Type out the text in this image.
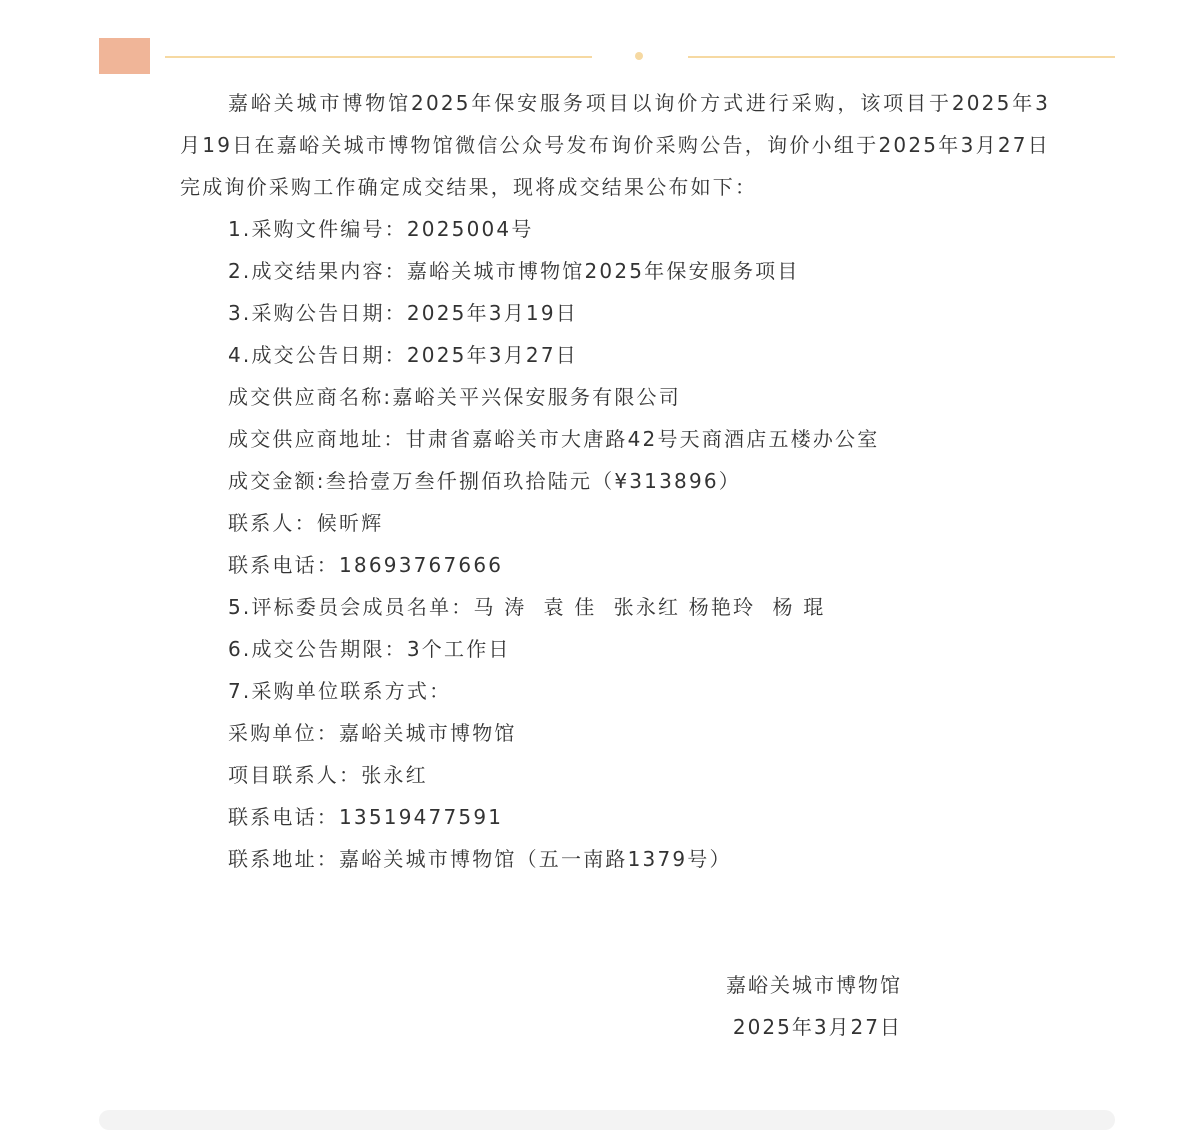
嘉峪关城市博物馆2025年保安服务项目以询价方式进行采购，该项目于2025年3月19日在嘉峪关城市博物馆微信公众号发布询价采购公告，询价小组于2025年3月27日完成询价采购工作确定成交结果，现将成交结果公布如下：

1.采购文件编号：2025004号

2.成交结果内容：嘉峪关城市博物馆2025年保安服务项目

3.采购公告日期：2025年3月19日

4.成交公告日期：2025年3月27日

成交供应商名称:嘉峪关平兴保安服务有限公司

成交供应商地址：甘肃省嘉峪关市大唐路42号天商酒店五楼办公室

成交金额:叁拾壹万叁仟捌佰玖拾陆元（¥313896）

联系人：候昕辉

联系电话：18693767666

5.评标委员会成员名单：马 涛  袁 佳  张永红 杨艳玲  杨 琨

6.成交公告期限：3个工作日

7.采购单位联系方式：

采购单位：嘉峪关城市博物馆

项目联系人：张永红

联系电话：13519477591

联系地址：嘉峪关城市博物馆（五一南路1379号）

嘉峪关城市博物馆
2025年3月27日
